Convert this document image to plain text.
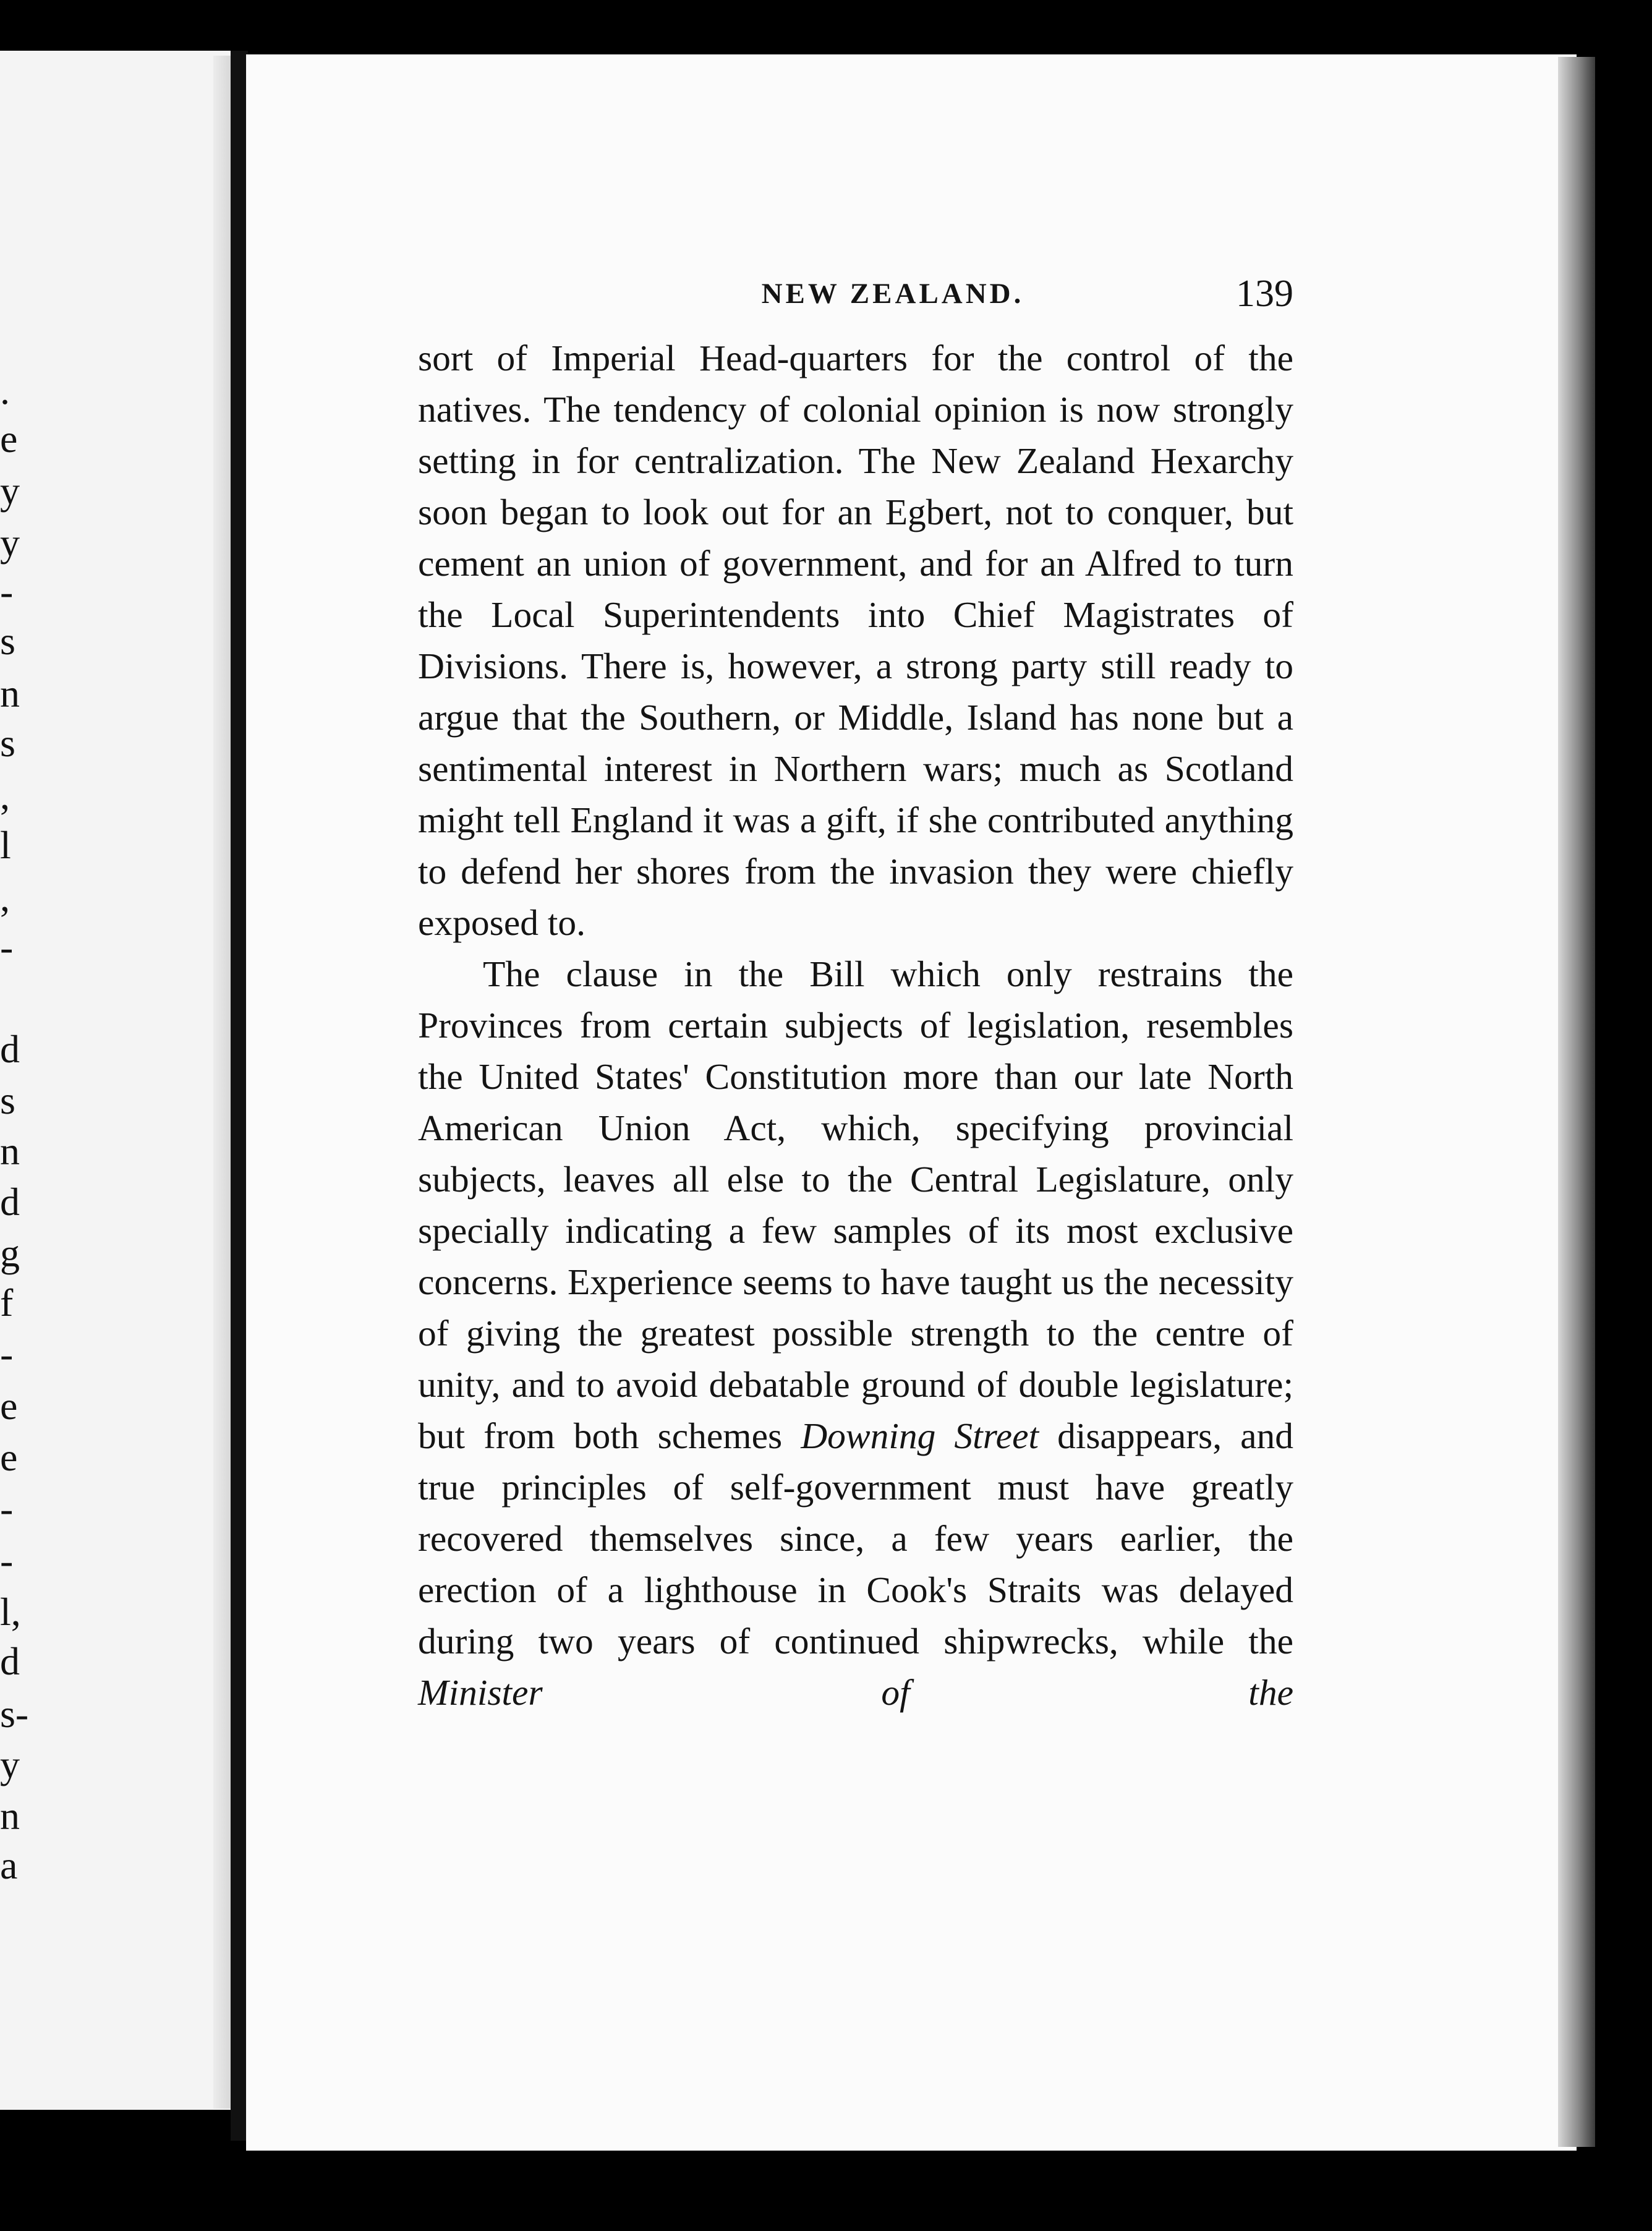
.
e
y
y
-
s
n
s
,
l
,
-
d
s
n
d
g
f
-
e
e
-
-
l,
d
s-
y
n
a
NEW ZEALAND.	139

sort of Imperial Head-quarters for the control of the natives. The tendency of colonial opinion is now strongly setting in for centralization. The New Zealand Hexarchy soon began to look out for an Egbert, not to conquer, but cement an union of government, and for an Alfred to turn the Local Superintendents into Chief Magistrates of Divisions. There is, however, a strong party still ready to argue that the Southern, or Middle, Island has none but a sentimental interest in Northern wars; much as Scotland might tell England it was a gift, if she contributed anything to defend her shores from the invasion they were chiefly exposed to.

The clause in the Bill which only restrains the Provinces from certain subjects of legislation, resembles the United States' Constitution more than our late North American Union Act, which, specifying provincial subjects, leaves all else to the Central Legislature, only specially indicating a few samples of its most exclusive concerns. Experience seems to have taught us the necessity of giving the greatest possible strength to the centre of unity, and to avoid debatable ground of double legislature; but from both schemes Downing Street disappears, and true principles of self-government must have greatly recovered themselves since, a few years earlier, the erection of a lighthouse in Cook's Straits was delayed during two years of continued shipwrecks, while the Minister of the
